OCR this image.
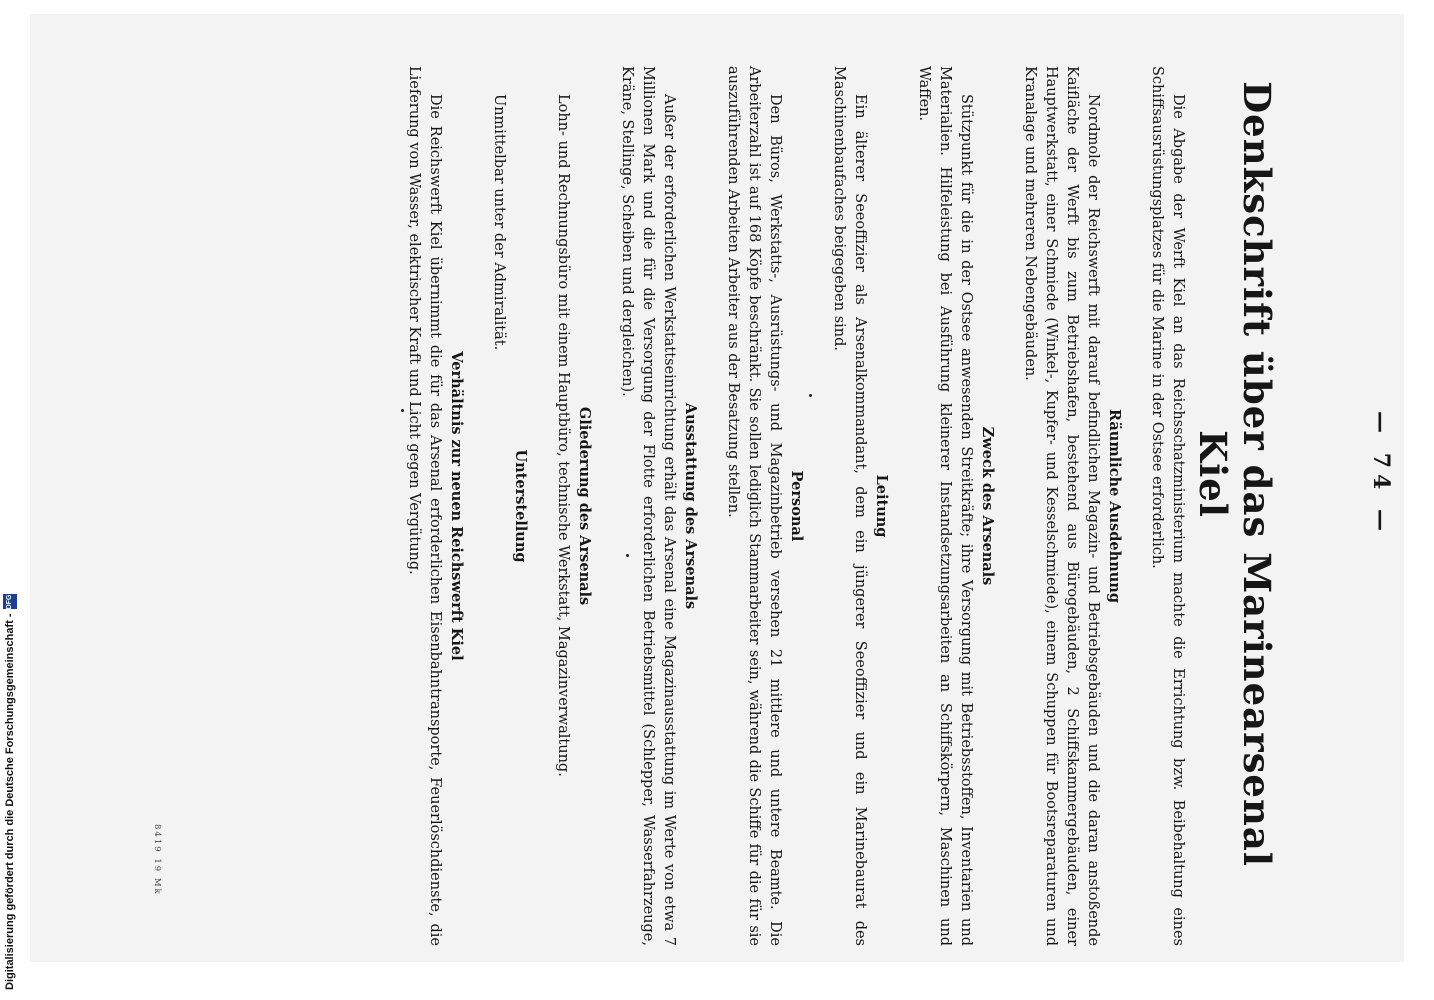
— 74 —
Denkschrift über das Marinearsenal Kiel

Die Abgabe der Werft Kiel an das Reichsschatzministerium machte die Errichtung bzw. Beibehaltung eines Schiffsausrüstungsplatzes für die Marine in der Ostsee erforderlich.

Räumliche Ausdehnung

Nordmole der Reichswerft mit darauf befindlichen Magazin- und Betriebsgebäuden und die daran anstoßende Kaifläche der Werft bis zum Betriebshafen, bestehend aus Bürogebäuden, 2 Schiffskammergebäuden, einer Hauptwerkstatt, einer Schmiede (Winkel-, Kupfer- und Kesselschmiede), einem Schuppen für Bootsreparaturen und Kranalage und mehreren Nebengebäuden.

Zweck des Arsenals

Stützpunkt für die in der Ostsee anwesenden Streitkräfte; ihre Versorgung mit Betriebsstoffen, Inventarien und Materialien. Hilfeleistung bei Ausführung kleinerer Instandsetzungsarbeiten an Schiffskörpern, Maschinen und Waffen.

Leitung

Ein älterer Seeoffizier als Arsenalkommandant, dem ein jüngerer Seeoffizier und ein Marinebaurat des Maschinenbaufaches beigegeben sind.

Personal

Den Büros, Werkstatts-, Ausrüstungs- und Magazinbetrieb versehen 21 mittlere und untere Beamte. Die Arbeiterzahl ist auf 168 Köpfe beschränkt. Sie sollen lediglich Stammarbeiter sein, während die Schiffe für die für sie auszuführenden Arbeiten Arbeiter aus der Besatzung stellen.

Ausstattung des Arsenals

Außer der erforderlichen Werkstattseinrichtung erhält das Arsenal eine Magazinausstattung im Werte von etwa 7 Millionen Mark und die für die Versorgung der Flotte erforderlichen Betriebsmittel (Schlepper, Wasserfahrzeuge, Kräne, Stellinge, Scheiben und dergleichen).

Gliederung des Arsenals

Lohn- und Rechnungsbüro mit einem Hauptbüro, technische Werkstatt, Magazinverwaltung.

Unterstellung

Unmittelbar unter der Admiralität.

Verhältnis zur neuen Reichswerft Kiel

Die Reichswerft Kiel übernimmt die für das Arsenal erforderlichen Eisenbahntransporte, Feuerlöschdienste, die Lieferung von Wasser, elektrischer Kraft und Licht gegen Vergütung.

8419 19 Mk
Digitalisierung gefördert durch die Deutsche Forschungsgemeinschaft -
DFG
